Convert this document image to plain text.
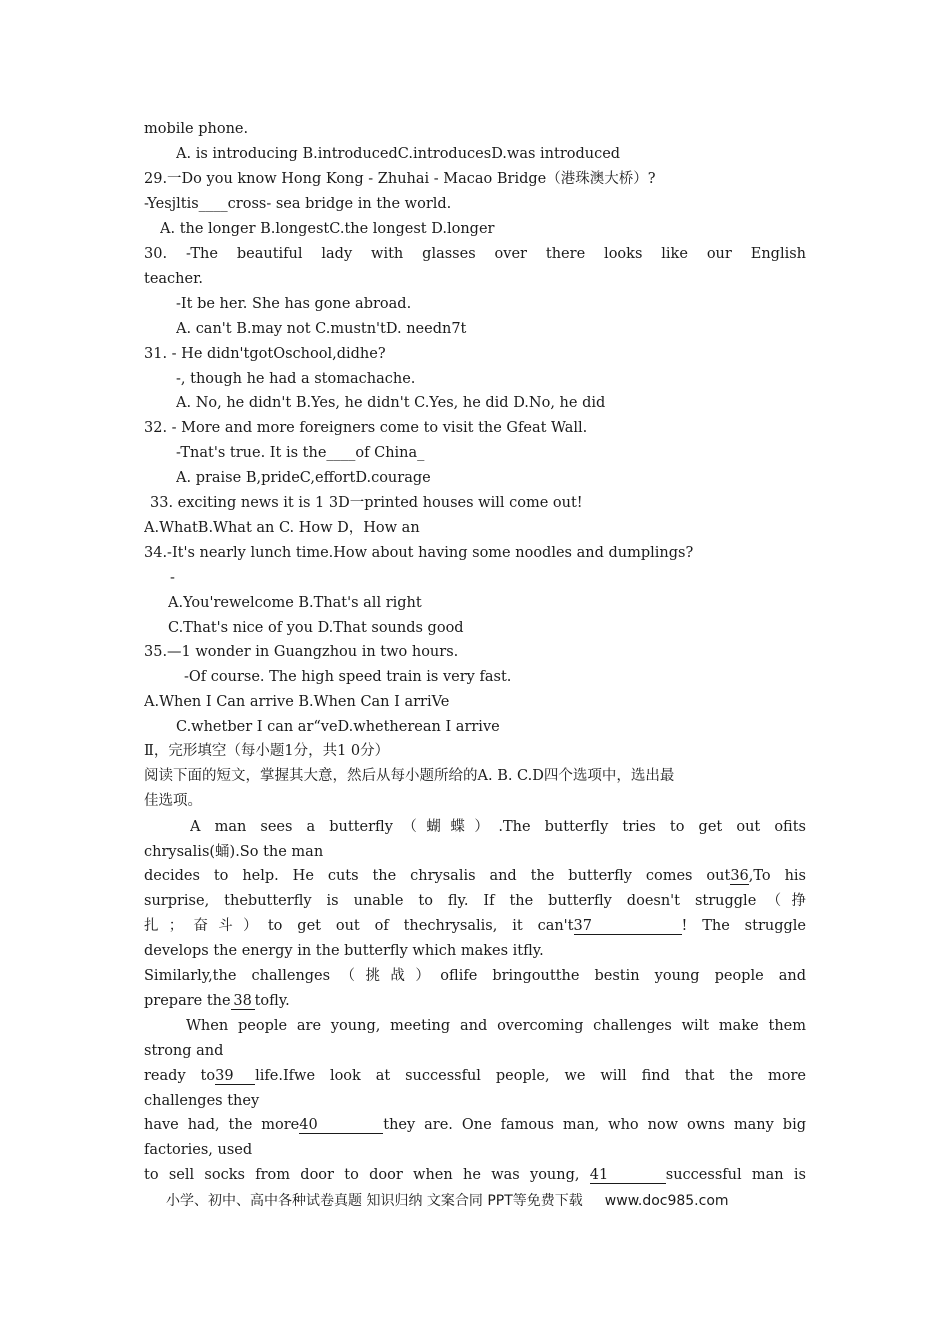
mobile phone.
A. is introducing B.introducedC.introducesD.was introduced
29.一Do you know Hong Kong - Zhuhai - Macao Bridge（港珠澳大桥）?
-Yesjltis____cross- sea bridge in the world.
A. the longer B.longestC.the longest D.longer
30. -The beautiful lady with glasses over there looks like our English
teacher.
-It be her. She has gone abroad.
A. can't B.may not C.mustn'tD. needn7t
31. - He didn'tgotOschool,didhe?
-, though he had a stomachache.
A. No, he didn't B.Yes, he didn't C.Yes, he did D.No, he did
32. - More and more foreigners come to visit the Gfeat Wall.
-Tnat's true. It is the____of China_
A. praise B,prideC,effortD.courage
33. exciting news it is 1 3D一printed houses will come out!
A.WhatB.What an C. How D，How an
34.-It's nearly lunch time.How about having some noodles and dumplings?
-
A.You'rewelcome B.That's all right
C.That's nice of you D.That sounds good
35.—1 wonder in Guangzhou in two hours.
-Of course. The high speed train is very fast.
A.When I Can arrive B.When Can I arriVe
C.whetber I can ar“veD.whetherean I arrive
Ⅱ，完形填空（每小题1分，共1 0分）
阅读下面的短文，掌握其大意，然后从每小题所给的A. B. C.D四个选项中，选出最
佳选项。
A man sees a butterfly（蝴蝶）.The butterfly tries to get out ofits
chrysalis(蛹).So the man
decides to help. He cuts the chrysalis and the butterfly comes out36,To his
surprise, thebutterfly is unable to fly. If the butterfly doesn't struggle（挣
扎；奋斗）to get out of thechrysalis, it can't37	! The struggle
develops the energy in the butterfly which makes itfly.
Similarly,the challenges（挑战）oflife bringoutthe bestin young people and
prepare the 38 tofly.
When people are young, meeting and overcoming challenges wilt make them
strong and
ready to39 life.Ifwe look at successful people, we will find that the more
challenges they
have had, the more40	they are. One famous man, who now owns many big
factories, used
to sell socks from door to door when he was young, 41	successful man is
小学、初中、高中各种试卷真题 知识归纳 文案合同 PPT等免费下载 www.doc985.com
